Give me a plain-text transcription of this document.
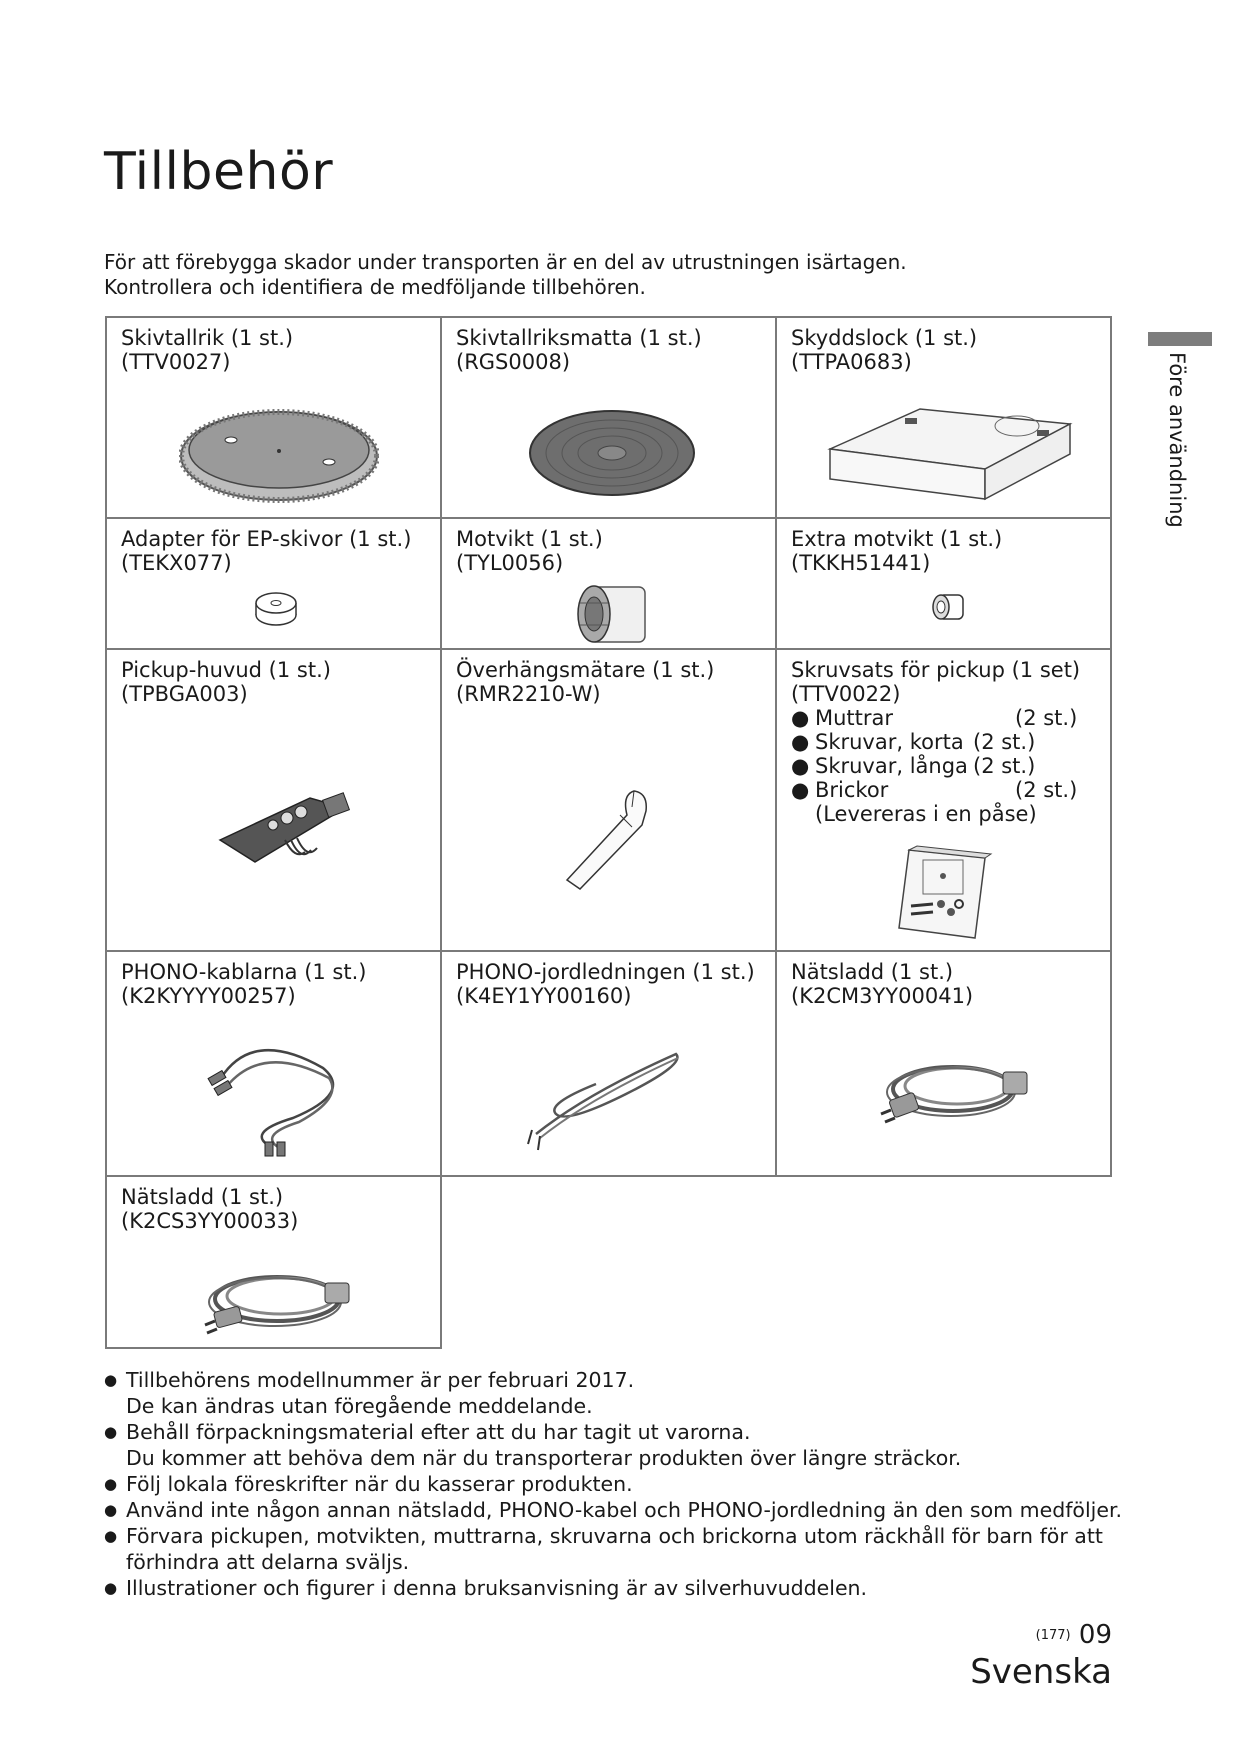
Tillbehör
För att förebygga skador under transporten är en del av utrustningen isärtagen.
Kontrollera och identifiera de medföljande tillbehören.
Före användning
Skivtallrik (1 st.)
(TTV0027)
Skivtallriksmatta (1 st.)
(RGS0008)
Skyddslock (1 st.)
(TTPA0683)
Adapter för EP-skivor (1 st.)
(TEKX077)
Motvikt (1 st.)
(TYL0056)
Extra motvikt (1 st.)
(TKKH51441)
Pickup-huvud (1 st.)
(TPBGA003)
Överhängsmätare (1 st.)
(RMR2210-W)
Skruvsats för pickup (1 set)
(TTV0022)
● Muttrar	(2 st.)
● Skruvar, korta (2 st.)
● Skruvar, långa (2 st.)
● Brickor	(2 st.)
(Levereras i en påse)
PHONO-kablarna (1 st.)
(K2KYYYY00257)
PHONO-jordledningen (1 st.)
(K4EY1YY00160)
Nätsladd (1 st.)
(K2CM3YY00041)
Nätsladd (1 st.)
(K2CS3YY00033)
● Tillbehörens modellnummer är per februari 2017.
De kan ändras utan föregående meddelande.
● Behåll förpackningsmaterial efter att du har tagit ut varorna.
Du kommer att behöva dem när du transporterar produkten över längre sträckor.
● Följ lokala föreskrifter när du kasserar produkten.
● Använd inte någon annan nätsladd, PHONO-kabel och PHONO-jordledning än den som medföljer.
● Förvara pickupen, motvikten, muttrarna, skruvarna och brickorna utom räckhåll för barn för att
förhindra att delarna sväljs.
● Illustrationer och figurer i denna bruksanvisning är av silverhuvuddelen.
(177) 09
Svenska
